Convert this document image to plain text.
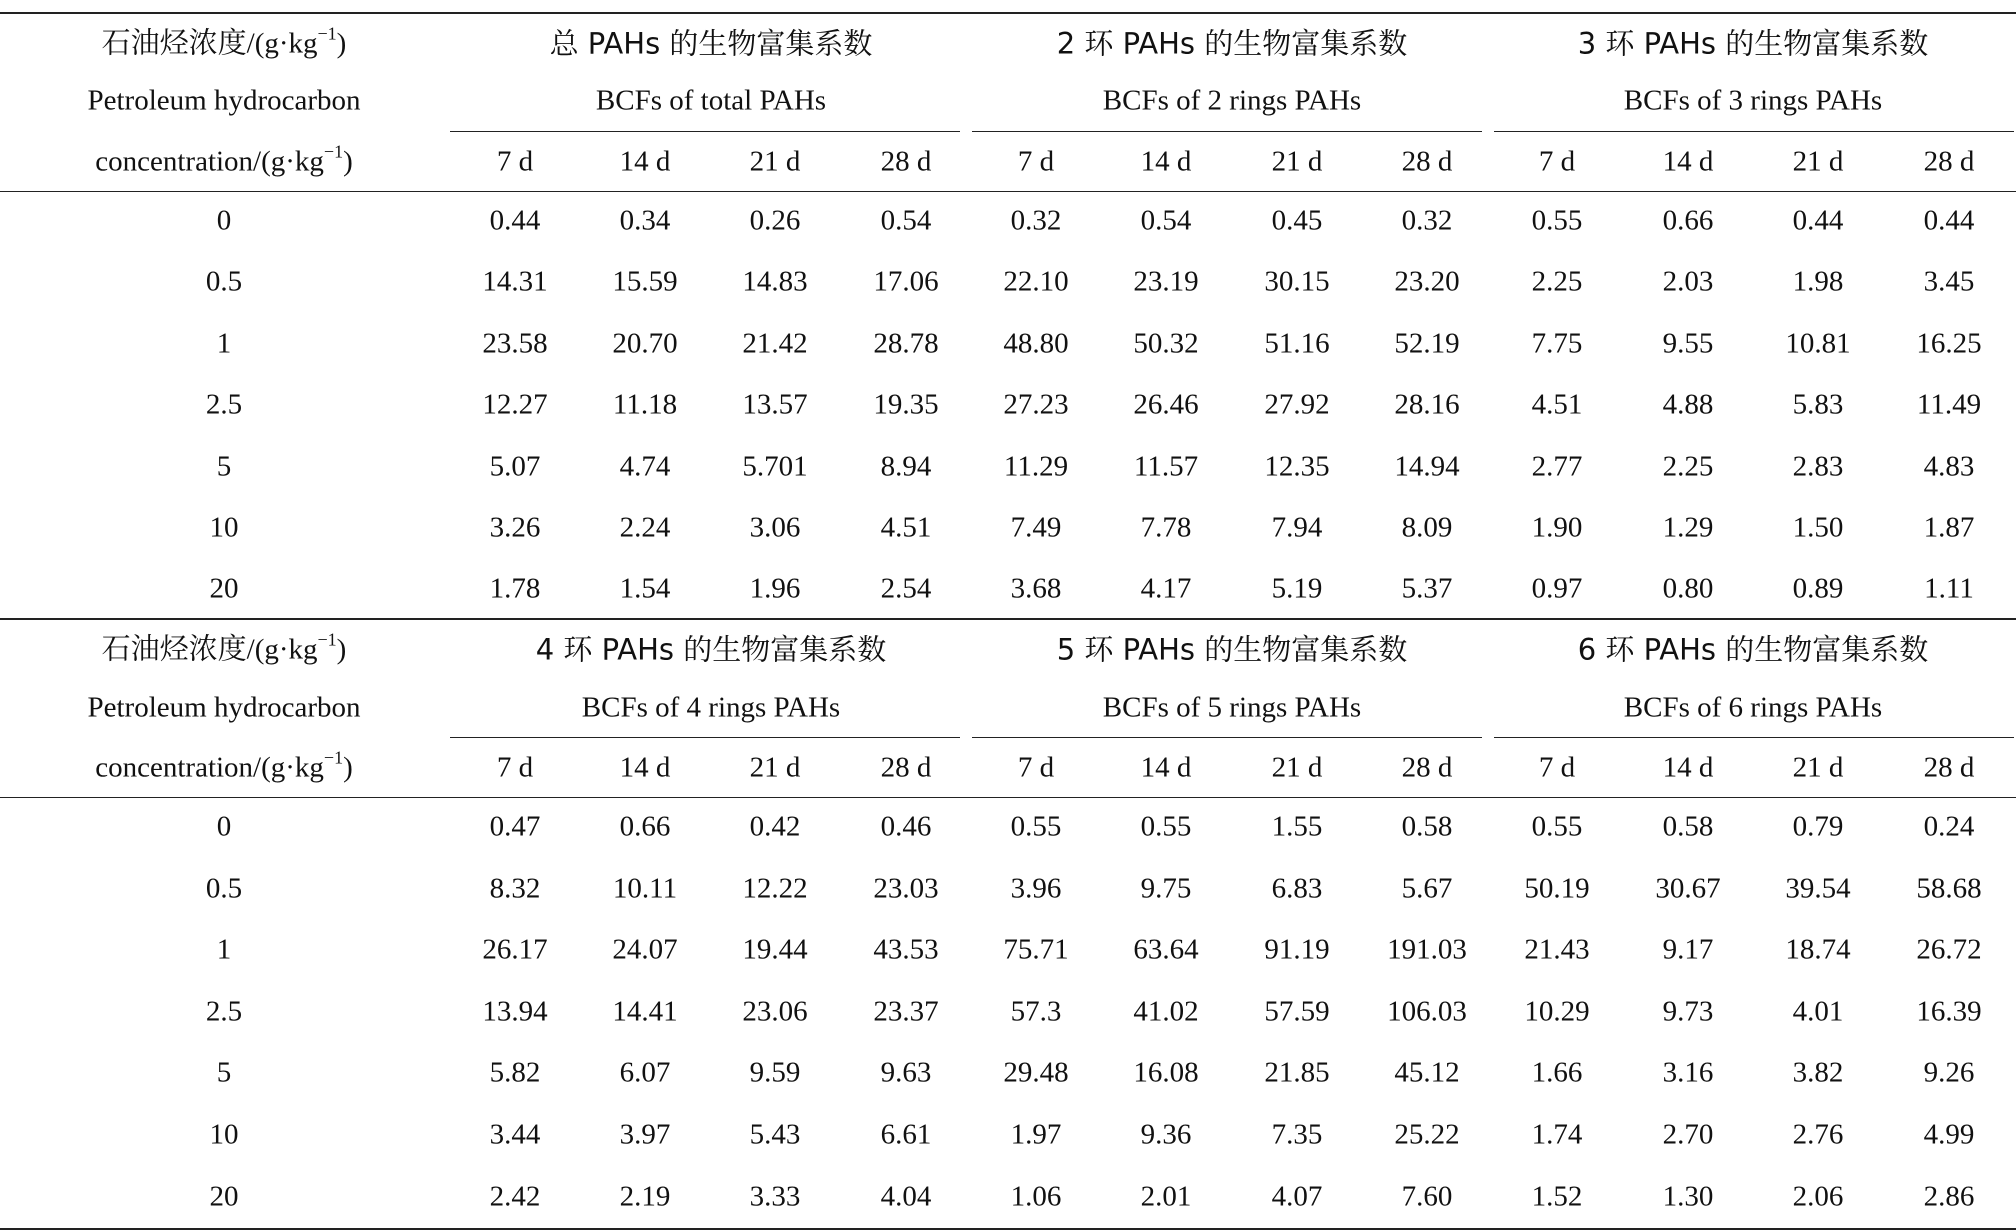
石油烃浓度$/(g\cdot kg^{-1})$
Petroleum hydrocarbon
concentration/$(g\cdot kg^{-1})$
总 PAHs 的生物富集系数
BCFs of total PAHs
2 环 PAHs 的生物富集系数
BCFs of 2 rings PAHs
3 环 PAHs 的生物富集系数
BCFs of 3 rings PAHs
7 d	14 d	21 d	28 d	7 d	14 d	21 d	28 d	7 d	14 d	21 d	28 d
0	0.44	0.34	0.26	0.54	0.32	0.54	0.45	0.32	0.55	0.66	0.44	0.44
0.5	14.31 15.59 14.83 17.06 22.10 23.19 30.15 23.20 2.25	2.03	1.98	3.45
1	23.58 20.70 21.42 28.78 48.80 50.32 51.16 52.19 7.75	9.55 10.81 16.25
2.5	12.27 11.18 13.57 19.35 27.23 26.46 27.92 28.16 4.51	4.88	5.83	11.49
5	5.07	4.74 5.701	8.94	11.29 11.57 12.35 14.94 2.77	2.25	2.83	4.83
10	3.26	2.24	3.06	4.51	7.49	7.78	7.94	8.09	1.90	1.29	1.50	1.87
20	1.78	1.54	1.96	2.54	3.68	4.17	5.19	5.37	0.97	0.80	0.89	1.11
石油烃浓度$/(g\cdot kg^{-1})$
Petroleum hydrocarbon
concentration/$(g\cdot kg^{-1})$
4 环 PAHs 的生物富集系数
BCFs of 4 rings PAHs
5 环 PAHs 的生物富集系数
BCFs of 5 rings PAHs
6 环 PAHs 的生物富集系数
BCFs of 6 rings PAHs
7 d	14 d	21 d	28 d	7 d	14 d	21 d	28 d	7 d	14 d	21 d	28 d
0	0.47	0.66	0.42	0.46	0.55	0.55	1.55	0.58	0.55	0.58	0.79	0.24
0.5	8.32	10.11 12.22 23.03 3.96	9.75	6.83	5.67 50.19 30.67 39.54 58.68
1	26.17 24.07 19.44 43.53 75.71 63.64 91.19 191.03 21.43	9.17 18.74 26.72
2.5	13.94 14.41 23.06 23.37 57.3 41.02 57.59 106.03 10.29	9.73	4.01	16.39
5	5.82	6.07	9.59	9.63 29.48 16.08 21.85 45.12 1.66	3.16	3.82	9.26
10	3.44	3.97	5.43	6.61	1.97	9.36	7.35 25.22 1.74	2.70	2.76	4.99
20	2.42	2.19	3.33	4.04	1.06	2.01	4.07	7.60	1.52	1.30	2.06	2.86
